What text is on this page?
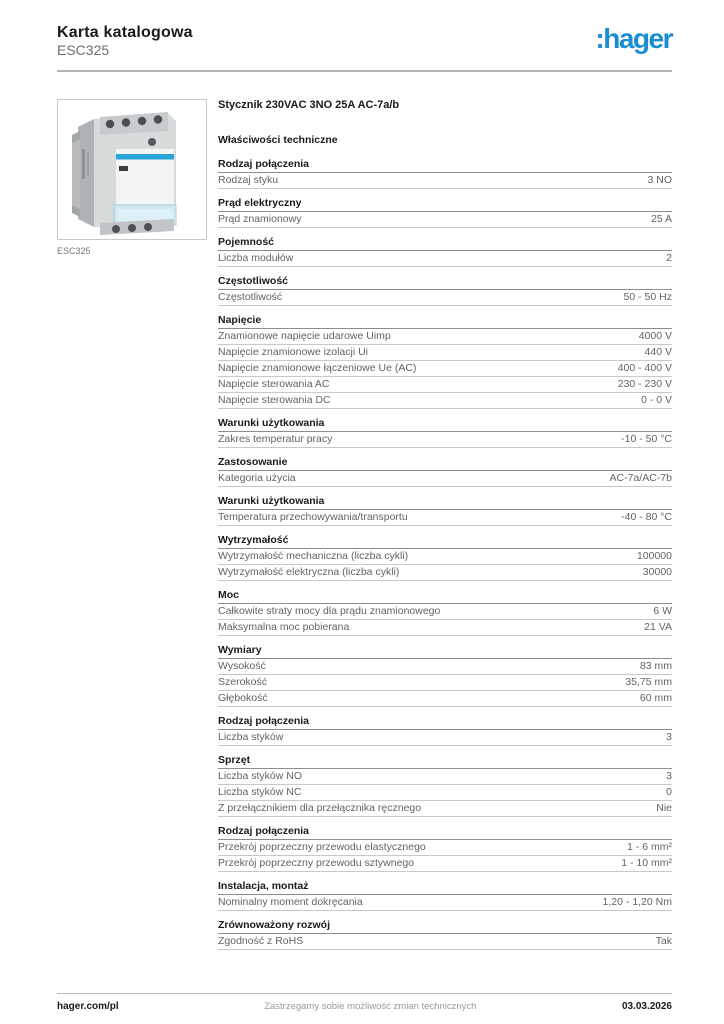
Karta katalogowa
ESC325	:hager
ESC325
Stycznik 230VAC 3NO 25A AC-7a/b
Właściwości techniczne
Rodzaj połączenia
Rodzaj styku	3 NO
Prąd elektryczny
Prąd znamionowy	25 A
Pojemność
Liczba modułów	2
Częstotliwość
Częstotliwość	50 - 50 Hz
Napięcie
Znamionowe napięcie udarowe Uimp	4000 V
Napięcie znamionowe izolacji Ui	440 V
Napięcie znamionowe łączeniowe Ue (AC)	400 - 400 V
Napięcie sterowania AC	230 - 230 V
Napięcie sterowania DC	0 - 0 V
Warunki użytkowania
Zakres temperatur pracy	-10 - 50 °C
Zastosowanie
Kategoria użycia	AC-7a/AC-7b
Warunki użytkowania
Temperatura przechowywania/transportu	-40 - 80 °C
Wytrzymałość
Wytrzymałość mechaniczna (liczba cykli)	100000
Wytrzymałość elektryczna (liczba cykli)	30000
Moc
Całkowite straty mocy dla prądu znamionowego	6 W
Maksymalna moc pobierana	21 VA
Wymiary
Wysokość	83 mm
Szerokość	35,75 mm
Głębokość	60 mm
Rodzaj połączenia
Liczba styków	3
Sprzęt
Liczba styków NO	3
Liczba styków NC	0
Z przełącznikiem dla przełącznika ręcznego	Nie
Rodzaj połączenia
Przekrój poprzeczny przewodu elastycznego	1 - 6 mm²
Przekrój poprzeczny przewodu sztywnego	1 - 10 mm²
Instalacja, montaż
Nominalny moment dokręcania	1,20 - 1,20 Nm
Zrównoważony rozwój
Zgodność z RoHS	Tak
hager.com/pl	Zastrzegamy sobie możliwość zmian technicznych	03.03.2026
